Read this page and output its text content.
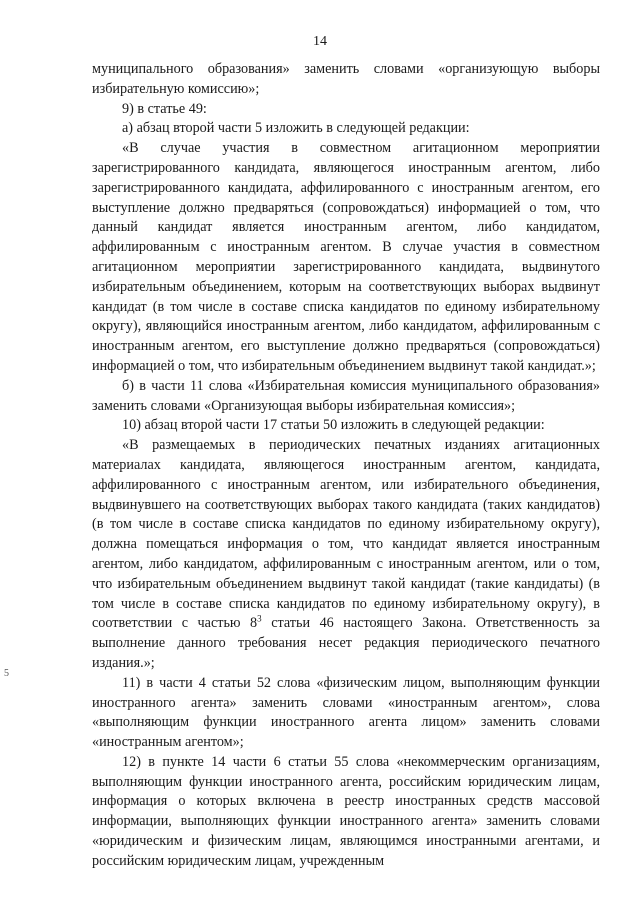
14
5

муниципального образования» заменить словами «организующую выборы избирательную комиссию»;

9) в статье 49:

а) абзац второй части 5 изложить в следующей редакции:

«В случае участия в совместном агитационном мероприятии зарегистрированного кандидата, являющегося иностранным агентом, либо зарегистрированного кандидата, аффилированного с иностранным агентом, его выступление должно предваряться (сопровождаться) информацией о том, что данный кандидат является иностранным агентом, либо кандидатом, аффилированным с иностранным агентом. В случае участия в совместном агитационном мероприятии зарегистрированного кандидата, выдвинутого избирательным объединением, которым на соответствующих выборах выдвинут кандидат (в том числе в составе списка кандидатов по единому избирательному округу), являющийся иностранным агентом, либо кандидатом, аффилированным с иностранным агентом, его выступление должно предваряться (сопровождаться) информацией о том, что избирательным объединением выдвинут такой кандидат.»;

б) в части 11 слова «Избирательная комиссия муниципального образования» заменить словами «Организующая выборы избирательная комиссия»;

10) абзац второй части 17 статьи 50 изложить в следующей редакции:

«В размещаемых в периодических печатных изданиях агитационных материалах кандидата, являющегося иностранным агентом, кандидата, аффилированного с иностранным агентом, или избирательного объединения, выдвинувшего на соответствующих выборах такого кандидата (таких кандидатов) (в том числе в составе списка кандидатов по единому избирательному округу), должна помещаться информация о том, что кандидат является иностранным агентом, либо кандидатом, аффилированным с иностранным агентом, или о том, что избирательным объединением выдвинут такой кандидат (такие кандидаты) (в том числе в составе списка кандидатов по единому избирательному округу), в соответствии с частью $8^3$ статьи 46 настоящего Закона. Ответственность за выполнение данного требования несет редакция периодического печатного издания.»;

11) в части 4 статьи 52 слова «физическим лицом, выполняющим функции иностранного агента» заменить словами «иностранным агентом», слова «выполняющим функции иностранного агента лицом» заменить словами «иностранным агентом»;

12) в пункте 14 части 6 статьи 55 слова «некоммерческим организациям, выполняющим функции иностранного агента, российским юридическим лицам, информация о которых включена в реестр иностранных средств массовой информации, выполняющих функции иностранного агента» заменить словами «юридическим и физическим лицам, являющимся иностранными агентами, и российским юридическим лицам, учрежденным
